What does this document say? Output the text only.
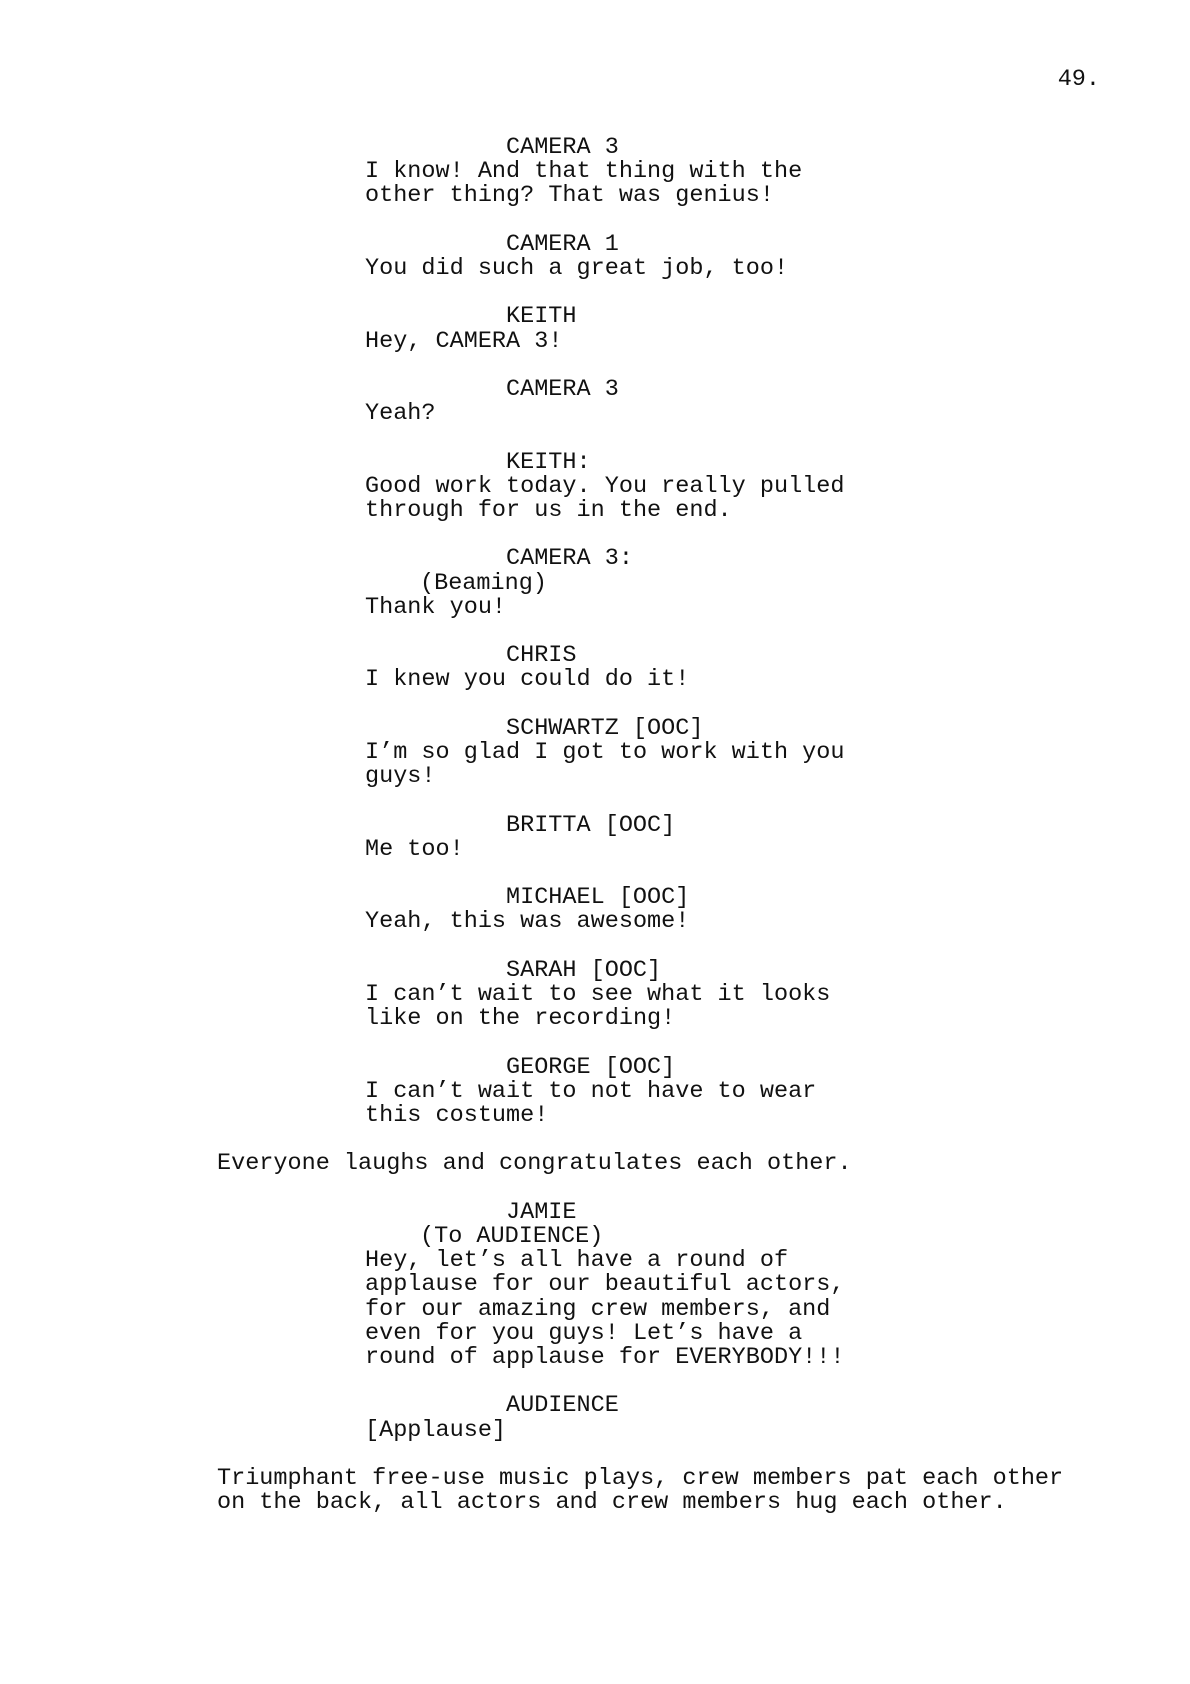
49.
CAMERA 3
I know! And that thing with the
other thing? That was genius!
CAMERA 1
You did such a great job, too!
KEITH
Hey, CAMERA 3!
CAMERA 3
Yeah?
KEITH:
Good work today. You really pulled
through for us in the end.
CAMERA 3:
(Beaming)
Thank you!
CHRIS
I knew you could do it!
SCHWARTZ [OOC]
I’m so glad I got to work with you
guys!
BRITTA [OOC]
Me too!
MICHAEL [OOC]
Yeah, this was awesome!
SARAH [OOC]
I can’t wait to see what it looks
like on the recording!
GEORGE [OOC]
I can’t wait to not have to wear
this costume!
Everyone laughs and congratulates each other.
JAMIE
(To AUDIENCE)
Hey, let’s all have a round of
applause for our beautiful actors,
for our amazing crew members, and
even for you guys! Let’s have a
round of applause for EVERYBODY!!!
AUDIENCE
[Applause]
Triumphant free-use music plays, crew members pat each other
on the back, all actors and crew members hug each other.
